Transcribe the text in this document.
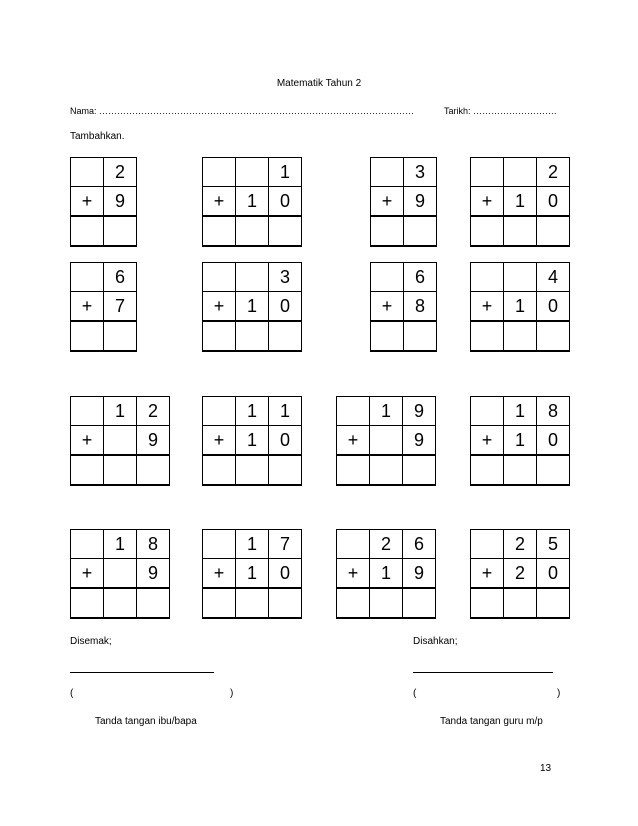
Matematik Tahun 2
Nama: ……………………………………………………………………………………………	Tarikh: ……………………….
Tambahkan.
	2
+	9

		1
+	1	0

	3
+	9

		2
+	1	0

	6
+	7

		3
+	1	0

	6
+	8

		4
+	1	0

	1	2
+		9

	1	1
+	1	0

	1	9
+		9

	1	8
+	1	0

	1	8
+		9

	1	7
+	1	0

	2	6
+	1	9

	2	5
+	2	0

Disemak;	Disahkan;
(	)	(	)
Tanda tangan ibu/bapa	Tanda tangan guru m/p
13
